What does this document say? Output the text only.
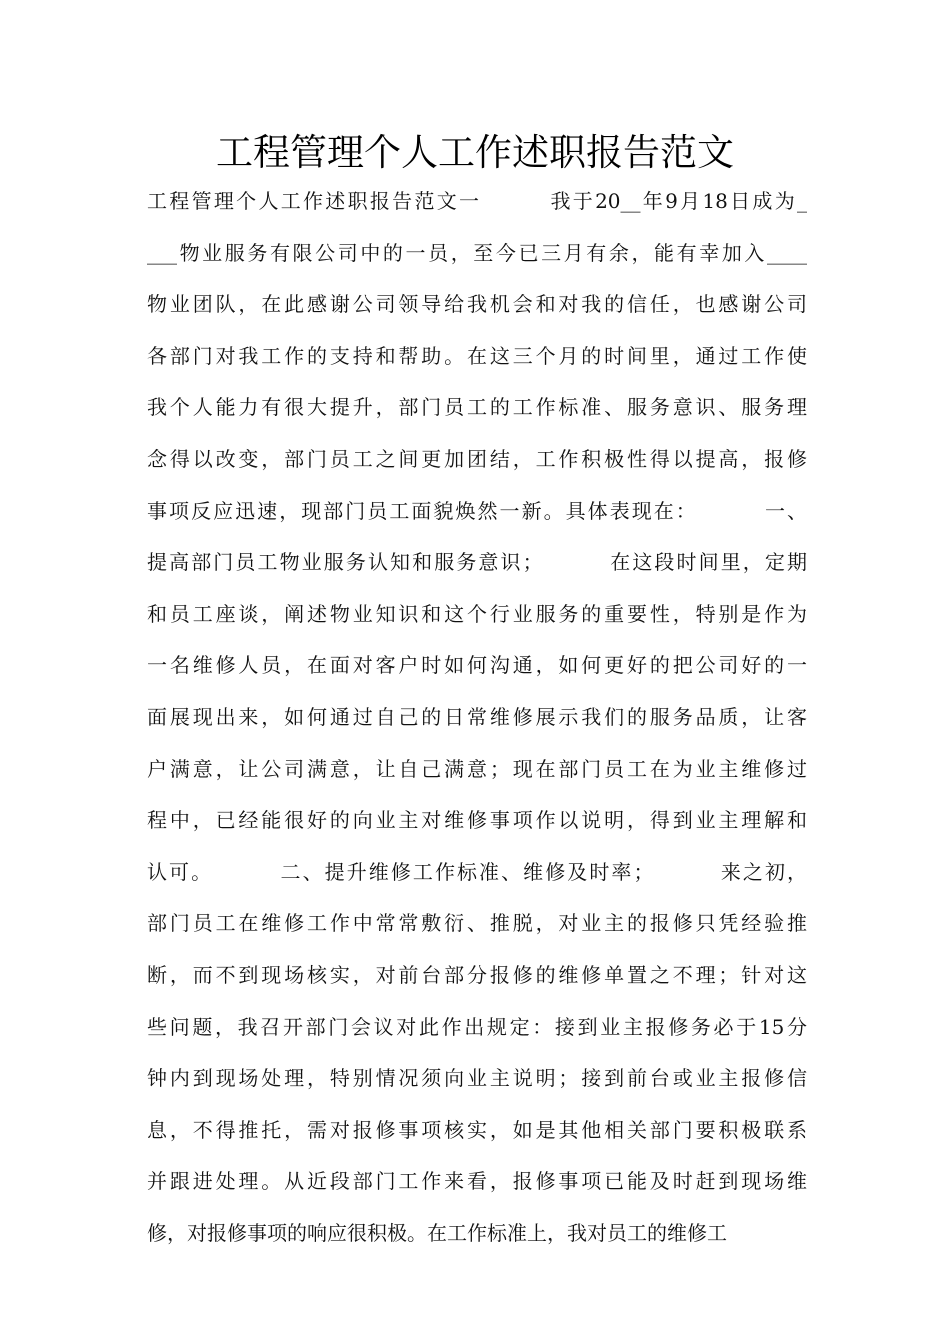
工程管理个人工作述职报告范文
工程管理个人工作述职报告范文一        我于20__年9月18日成为_
___物业服务有限公司中的一员，至今已三月有余，能有幸加入____
物业团队，在此感谢公司领导给我机会和对我的信任，也感谢公司
各部门对我工作的支持和帮助。在这三个月的时间里，通过工作使
我个人能力有很大提升，部门员工的工作标准、服务意识、服务理
念得以改变，部门员工之间更加团结，工作积极性得以提高，报修
事项反应迅速，现部门员工面貌焕然一新。具体表现在：        一、
提高部门员工物业服务认知和服务意识；        在这段时间里，定期
和员工座谈，阐述物业知识和这个行业服务的重要性，特别是作为
一名维修人员，在面对客户时如何沟通，如何更好的把公司好的一
面展现出来，如何通过自己的日常维修展示我们的服务品质，让客
户满意，让公司满意，让自己满意；现在部门员工在为业主维修过
程中，已经能很好的向业主对维修事项作以说明，得到业主理解和
认可。        二、提升维修工作标准、维修及时率；        来之初，
部门员工在维修工作中常常敷衍、推脱，对业主的报修只凭经验推
断，而不到现场核实，对前台部分报修的维修单置之不理；针对这
些问题，我召开部门会议对此作出规定：接到业主报修务必于15分
钟内到现场处理，特别情况须向业主说明；接到前台或业主报修信
息，不得推托，需对报修事项核实，如是其他相关部门要积极联系
并跟进处理。从近段部门工作来看，报修事项已能及时赶到现场维
修，对报修事项的响应很积极。在工作标准上，我对员工的维修工
